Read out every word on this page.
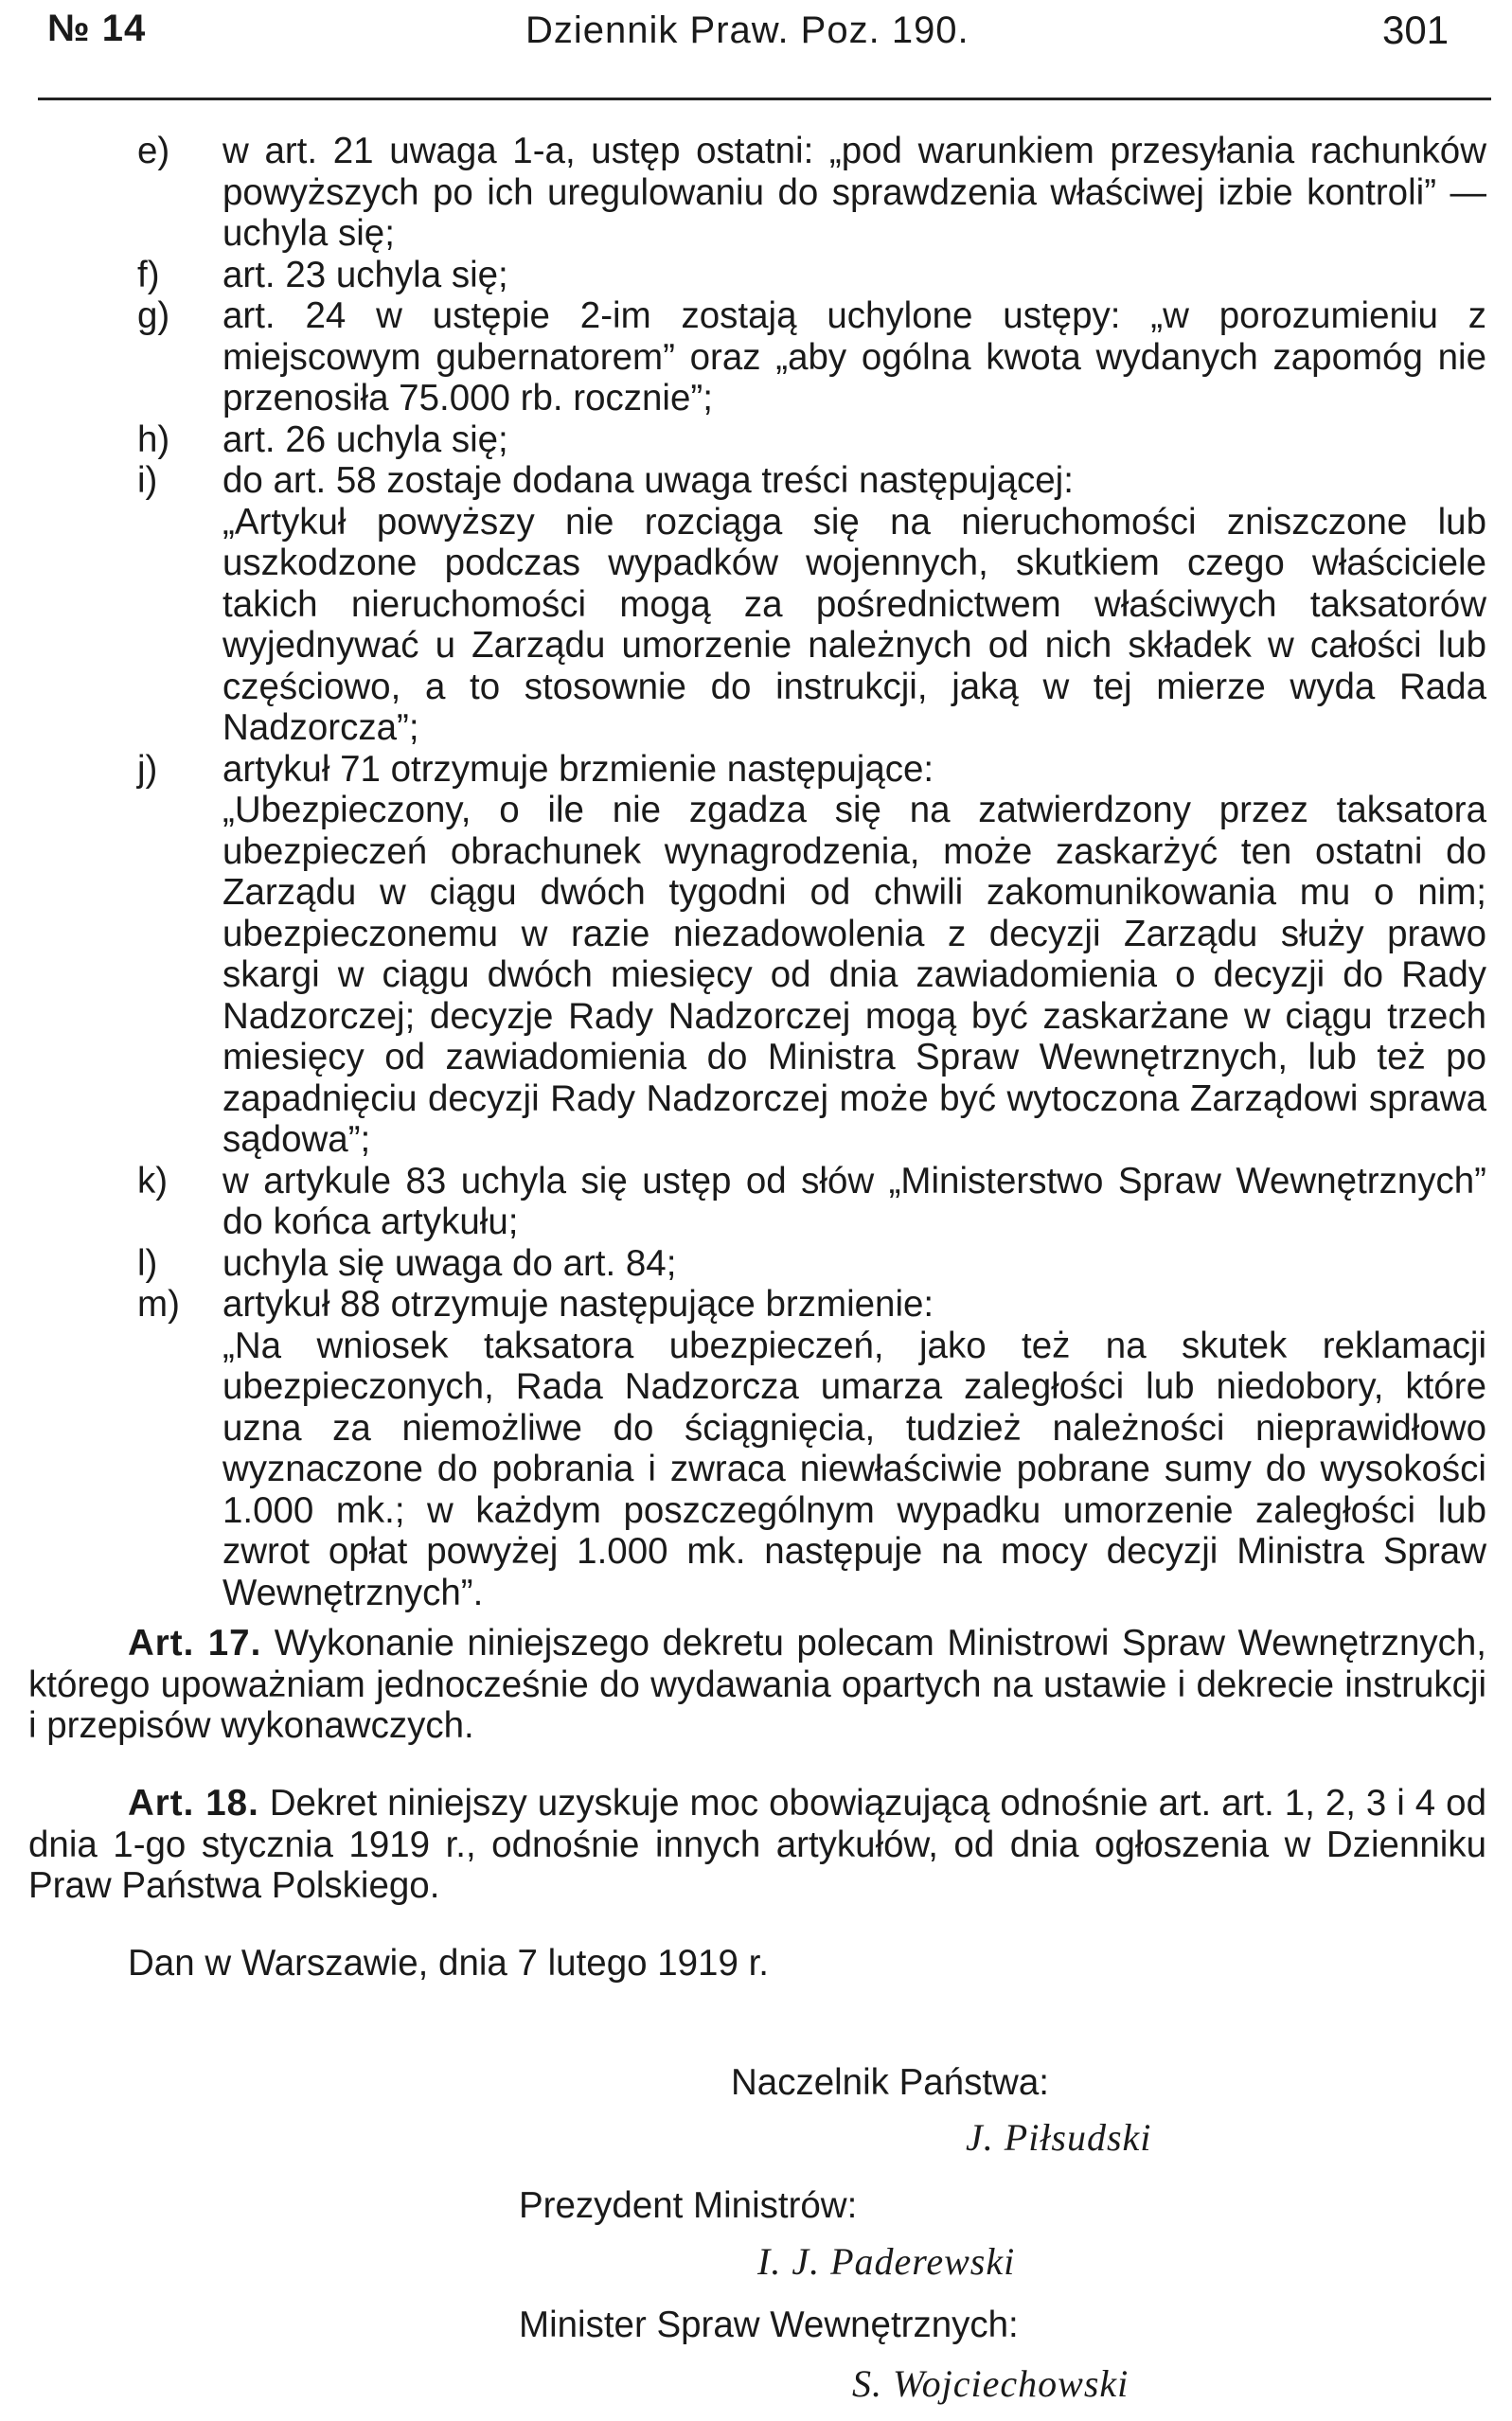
№ 14	Dziennik Praw. Poz. 190.	301
e)	w art. 21 uwaga 1-a, ustęp ostatni: „pod warunkiem przesyłania rachunków powyższych po ich uregulowaniu do sprawdzenia właściwej izbie kontroli” — uchyla się;

f)	art. 23 uchyla się;

g)	art. 24 w ustępie 2-im zostają uchylone ustępy: „w porozumieniu z miejscowym gubernatorem” oraz „aby ogólna kwota wydanych zapomóg nie przenosiła 75.000 rb. rocznie”;

h)	art. 26 uchyla się;

i)	do art. 58 zostaje dodana uwaga treści następującej:

„Artykuł powyższy nie rozciąga się na nieruchomości zniszczone lub uszkodzone podczas wypadków wojennych, skutkiem czego właściciele takich nieruchomości mogą za pośrednictwem właściwych taksatorów wyjednywać u Zarządu umorzenie należnych od nich składek w całości lub częściowo, a to stosownie do instrukcji, jaką w tej mierze wyda Rada Nadzorcza”;

j)	artykuł 71 otrzymuje brzmienie następujące:

„Ubezpieczony, o ile nie zgadza się na zatwierdzony przez taksatora ubezpieczeń obrachunek wynagrodzenia, może zaskarżyć ten ostatni do Zarządu w ciągu dwóch tygodni od chwili zakomunikowania mu o nim; ubezpieczonemu w razie niezadowolenia z decyzji Zarządu służy prawo skargi w ciągu dwóch miesięcy od dnia zawiadomienia o decyzji do Rady Nadzorczej; decyzje Rady Nadzorczej mogą być zaskarżane w ciągu trzech miesięcy od zawiadomienia do Ministra Spraw Wewnętrznych, lub też po zapadnięciu decyzji Rady Nadzorczej może być wytoczona Zarządowi sprawa sądowa”;

k)	w artykule 83 uchyla się ustęp od słów „Ministerstwo Spraw Wewnętrznych” do końca artykułu;

l)	uchyla się uwaga do art. 84;

m)	artykuł 88 otrzymuje następujące brzmienie:

„Na wniosek taksatora ubezpieczeń, jako też na skutek reklamacji ubezpieczonych, Rada Nadzorcza umarza zaległości lub niedobory, które uzna za niemożliwe do ściągnięcia, tudzież należności nieprawidłowo wyznaczone do pobrania i zwraca niewłaściwie pobrane sumy do wysokości 1.000 mk.; w każdym poszczególnym wypadku umorzenie zaległości lub zwrot opłat powyżej 1.000 mk. następuje na mocy decyzji Ministra Spraw Wewnętrznych”.

Art. 17. Wykonanie niniejszego dekretu polecam Ministrowi Spraw Wewnętrznych, którego upoważniam jednocześnie do wydawania opartych na ustawie i dekrecie instrukcji i przepisów wykonawczych.

Art. 18. Dekret niniejszy uzyskuje moc obowiązującą odnośnie art. art. 1, 2, 3 i 4 od dnia 1-go stycznia 1919 r., odnośnie innych artykułów, od dnia ogłoszenia w Dzienniku Praw Państwa Polskiego.

Dan w Warszawie, dnia 7 lutego 1919 r.

Naczelnik Państwa:
J. Piłsudski
Prezydent Ministrów:
I. J. Paderewski
Minister Spraw Wewnętrznych:
S. Wojciechowski
